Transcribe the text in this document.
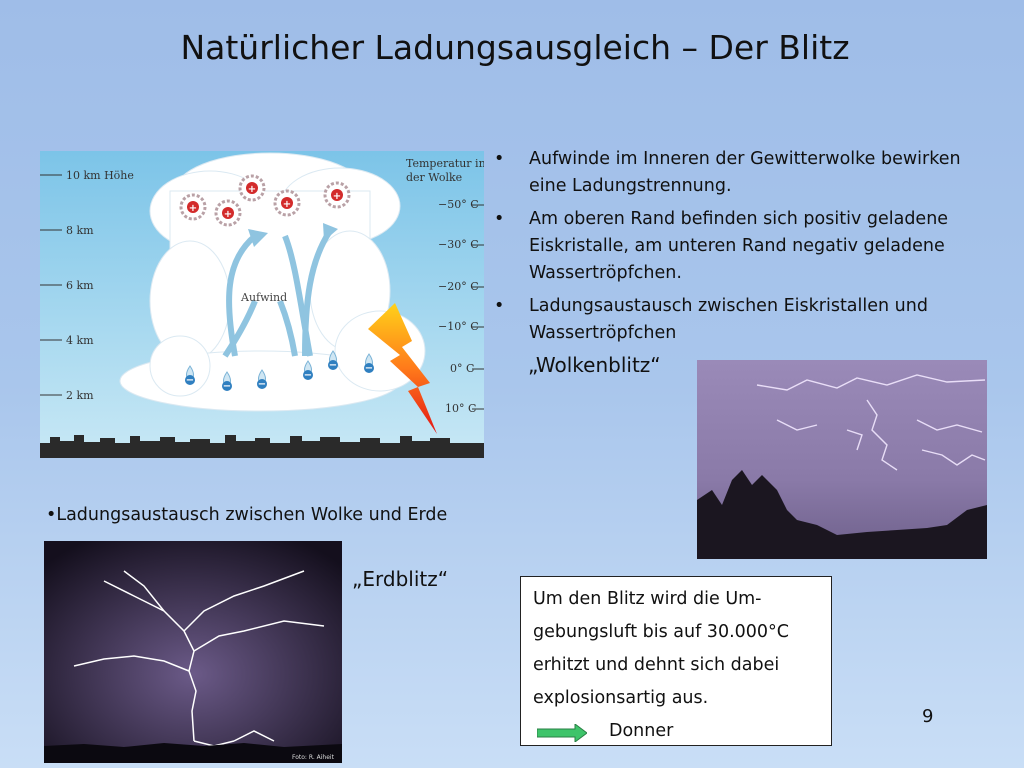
Natürlicher Ladungsausgleich – Der Blitz
10 km Höhe
8 km
6 km
4 km
2 km
Temperatur in
der Wolke
−50° C
−30° C
−20° C
−10° C
0° C
10° C
Aufwind
+
+
+
+
+
−
−	−
−
−	−
• Aufwinde im Inneren der Gewitterwolke bewirken eine Ladungstrennung.
• Am oberen Rand befinden sich positiv geladene Eiskristalle, am unteren Rand negativ geladene Wassertröpfchen.
• Ladungsaustausch zwischen Eiskristallen und Wassertröpfchen
„Wolkenblitz“
•Ladungsaustausch zwischen Wolke und Erde
Foto: R. Aiheit
„Erdblitz“
Um den Blitz wird die Um-
gebungsluft bis auf 30.000°C
erhitzt und dehnt sich dabei
explosionsartig aus.
Donner
9
